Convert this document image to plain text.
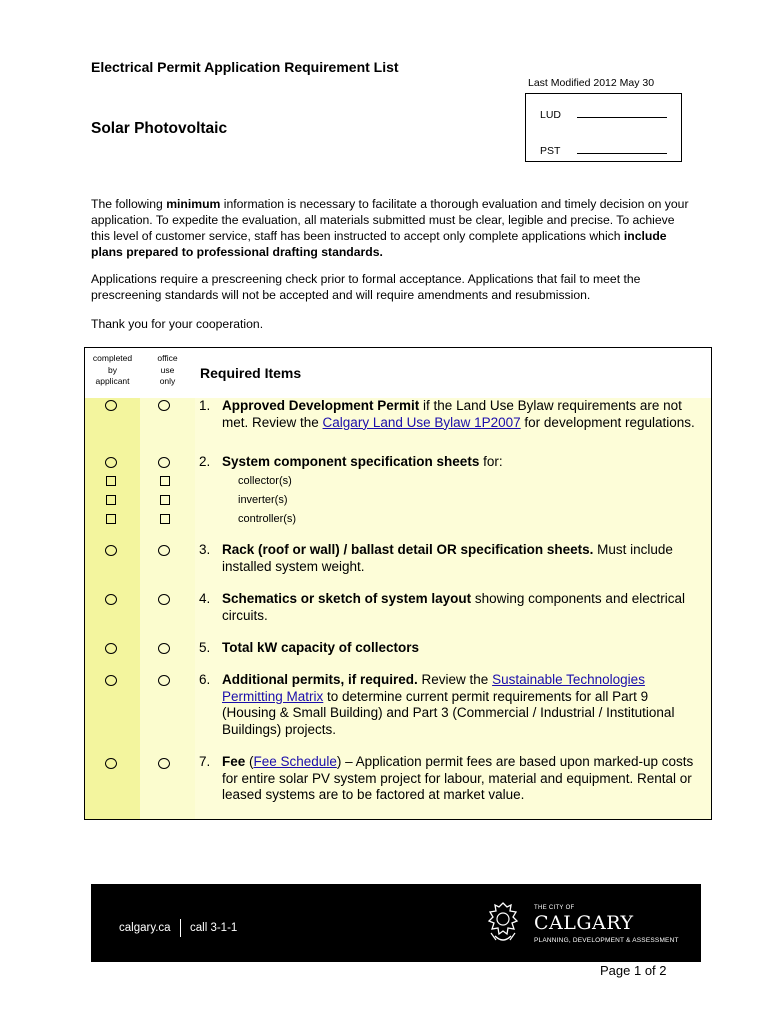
Electrical Permit Application Requirement List
Last Modified 2012 May 30
Solar Photovoltaic
LUD
PST
The following minimum information is necessary to facilitate a thorough evaluation and timely decision on your application. To expedite the evaluation, all materials submitted must be clear, legible and precise. To achieve this level of customer service, staff has been instructed to accept only complete applications which include plans prepared to professional drafting standards.
Applications require a prescreening check prior to formal acceptance. Applications that fail to meet the prescreening standards will not be accepted and will require amendments and resubmission.
Thank you for your cooperation.
completed
by
applicant
office
use
only	Required Items
1. Approved Development Permit if the Land Use Bylaw requirements are not met. Review the Calgary Land Use Bylaw 1P2007 for development regulations.
2. System component specification sheets for:
collector(s)
inverter(s)
controller(s)
3. Rack (roof or wall) / ballast detail OR specification sheets. Must include installed system weight.
4. Schematics or sketch of system layout showing components and electrical circuits.
5. Total kW capacity of collectors
6. Additional permits, if required. Review the Sustainable Technologies Permitting Matrix to determine current permit requirements for all Part 9 (Housing & Small Building) and Part 3 (Commercial / Industrial / Institutional Buildings) projects.
7. Fee (Fee Schedule) – Application permit fees are based upon marked-up costs for entire solar PV system project for labour, material and equipment. Rental or leased systems are to be factored at market value.
calgary.ca call 3-1-1
THE CITY OF
CALGARY
PLANNING, DEVELOPMENT & ASSESSMENT
Page 1 of 2
